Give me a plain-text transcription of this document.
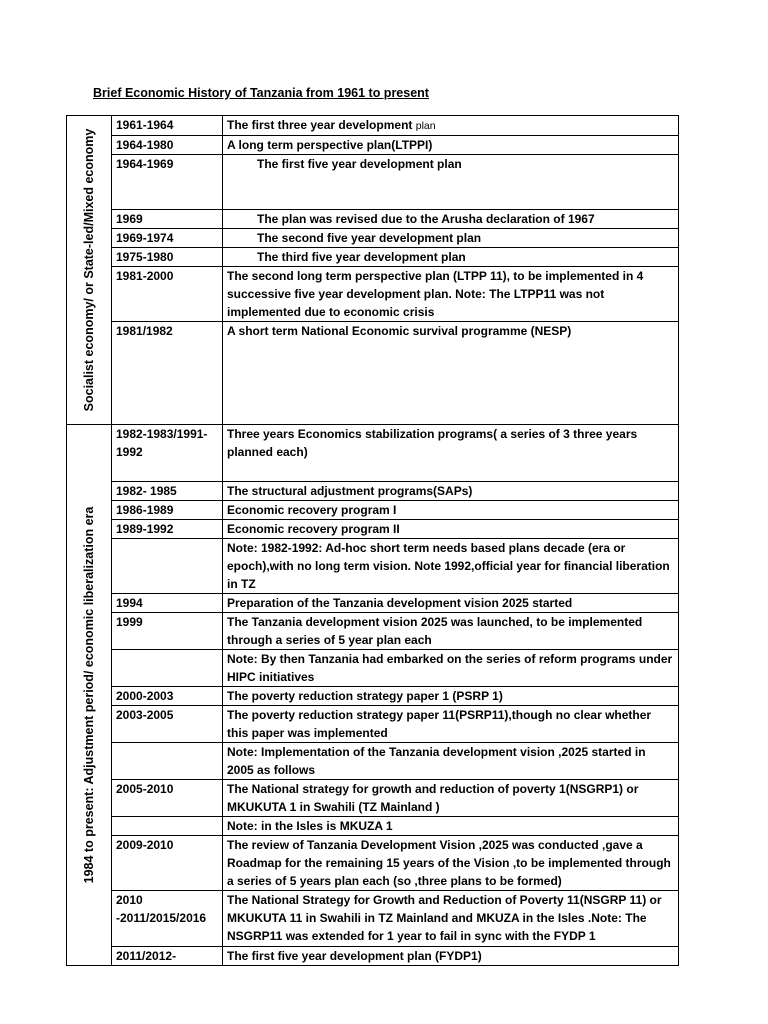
Brief Economic History of Tanzania from 1961 to present
Socialist economy/ or State-led/Mixed economy	1961-1964	The first three year development plan
	1964-1980	A long term perspective plan(LTPPI)
	1964-1969	The first five year development plan
	1969	The plan was revised due to the Arusha declaration of 1967
	1969-1974	The second five year development plan
	1975-1980	The third five year development plan
	1981-2000	The second long term perspective plan (LTPP 11), to be implemented in 4 successive five year development plan. Note: The LTPP11 was not implemented due to economic crisis
	1981/1982	A short term National Economic survival programme (NESP)

1984 to present: Adjustment period/ economic liberalization era	1982-1983/1991-1992	Three years Economics stabilization programs( a series of 3 three years planned each)
	1982- 1985	The structural adjustment programs(SAPs)
	1986-1989	Economic recovery program I
	1989-1992	Economic recovery program II
		Note: 1982-1992: Ad-hoc short term needs based plans decade (era or epoch),with no long term vision. Note 1992,official year for financial liberation in TZ
	1994	Preparation of the Tanzania development vision 2025 started
	1999	The Tanzania development vision 2025 was launched, to be implemented through a series of 5 year plan each
		Note: By then Tanzania had embarked on the series of reform programs under HIPC initiatives
	2000-2003	The poverty reduction strategy paper 1 (PSRP 1)
	2003-2005	The poverty reduction strategy paper 11(PSRP11),though no clear whether this paper was implemented
		Note: Implementation of the Tanzania development vision ,2025 started in 2005 as follows
	2005-2010	The National strategy for growth and reduction of poverty 1(NSGRP1) or MKUKUTA 1 in Swahili (TZ Mainland )
		Note: in the Isles is MKUZA 1
	2009-2010	The review of Tanzania Development Vision ,2025 was conducted ,gave a Roadmap for the remaining 15 years of the Vision ,to be implemented through a series of 5 years plan each (so ,three plans to be formed)
	2010 -2011/2015/2016	The National Strategy for Growth and Reduction of Poverty 11(NSGRP 11) or MKUKUTA 11 in Swahili in TZ Mainland and MKUZA in the Isles .Note: The NSGRP11 was extended for 1 year to fail in sync with the FYDP 1
	2011/2012-	The first five year development plan (FYDP1)
